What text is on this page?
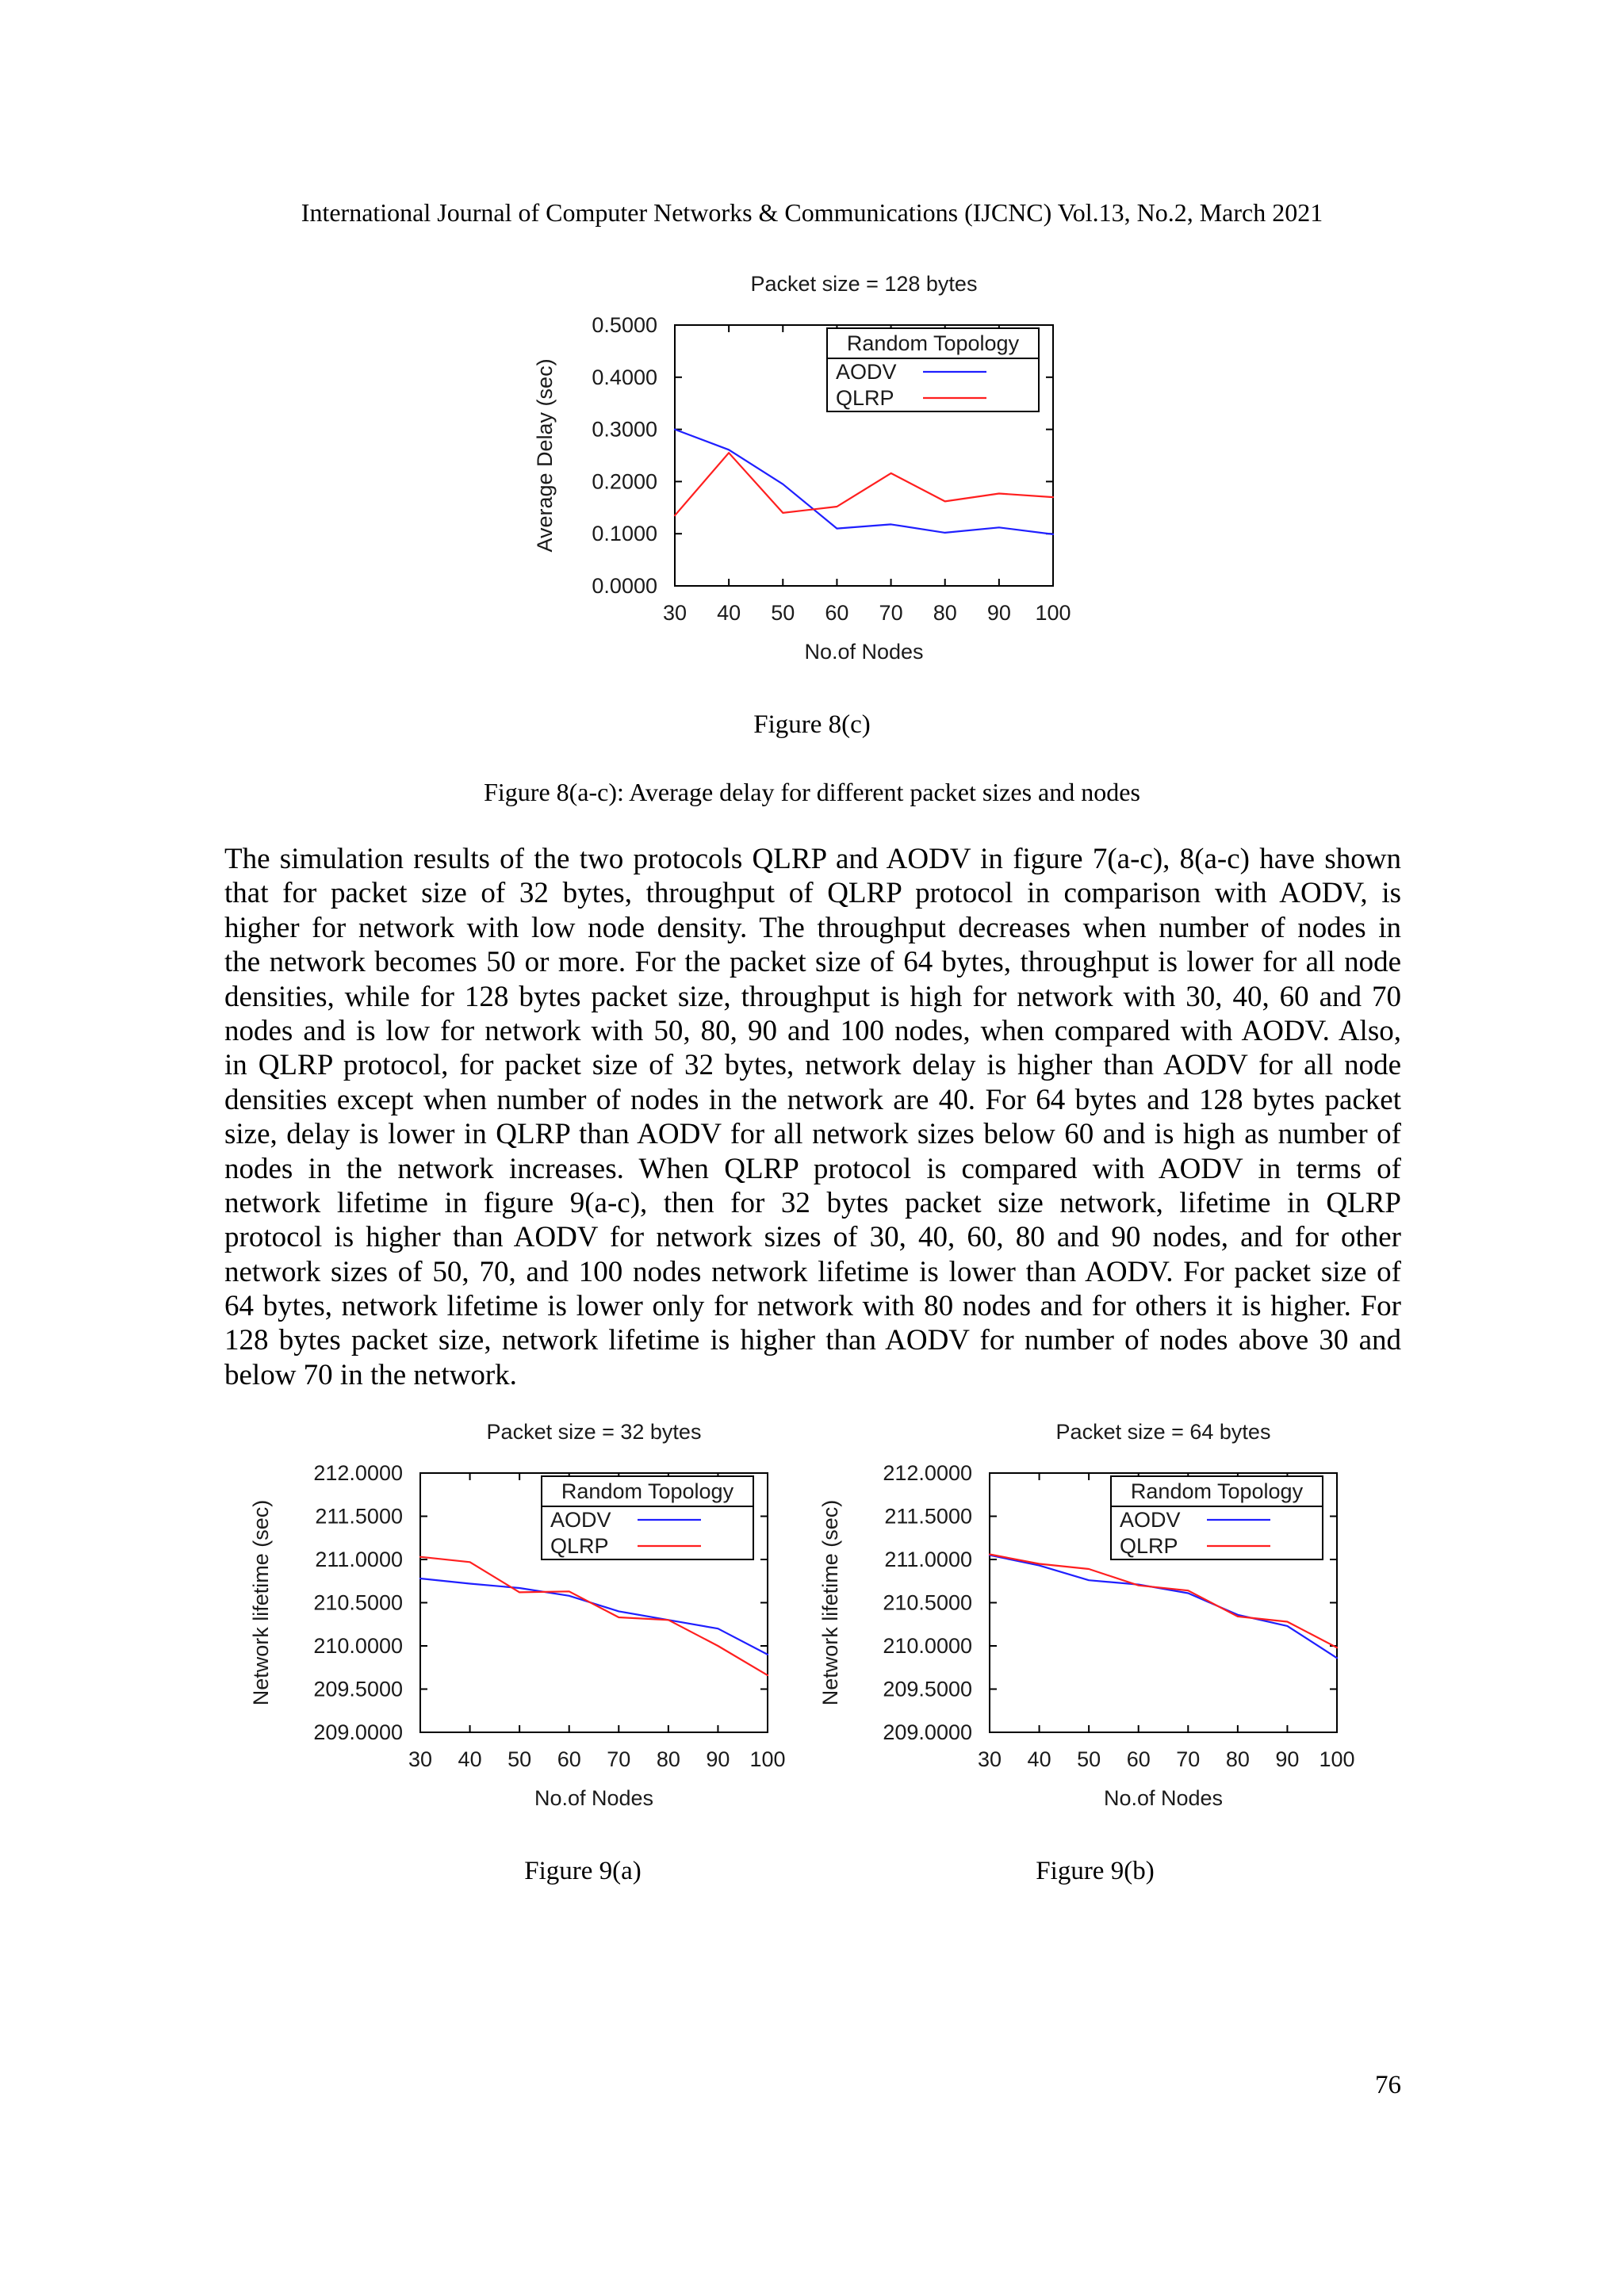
International Journal of Computer Networks & Communications (IJCNC) Vol.13, No.2, March 2021
Packet size = 128 bytes
0.0000
0.1000
0.2000
0.3000
0.4000
0.5000
30 40 50 60 70 80 90 100
No.of Nodes
Average Delay (sec)
Random Topology
AODV
QLRP
Figure 8(c)
Figure 8(a-c): Average delay for different packet sizes and nodes
The simulation results of the two protocols QLRP and AODV in figure 7(a-c), 8(a-c) have shown
that for packet size of 32 bytes, throughput of QLRP protocol in comparison with AODV, is
higher for network with low node density. The throughput decreases when number of nodes in
the network becomes 50 or more. For the packet size of 64 bytes, throughput is lower for all node
densities, while for 128 bytes packet size, throughput is high for network with 30, 40, 60 and 70
nodes and is low for network with 50, 80, 90 and 100 nodes, when compared with AODV. Also,
in QLRP protocol, for packet size of 32 bytes, network delay is higher than AODV for all node
densities except when number of nodes in the network are 40. For 64 bytes and 128 bytes packet
size, delay is lower in QLRP than AODV for all network sizes below 60 and is high as number of
nodes in the network increases. When QLRP protocol is compared with AODV in terms of
network lifetime in figure 9(a-c), then for 32 bytes packet size network, lifetime in QLRP
protocol is higher than AODV for network sizes of 30, 40, 60, 80 and 90 nodes, and for other
network sizes of 50, 70, and 100 nodes network lifetime is lower than AODV. For packet size of
64 bytes, network lifetime is lower only for network with 80 nodes and for others it is higher. For
128 bytes packet size, network lifetime is higher than AODV for number of nodes above 30 and
below 70 in the network.
Packet size = 32 bytes
209.0000
209.5000
210.0000
210.5000
211.0000
211.5000
212.0000
30 40 50 60 70 80 90 100
No.of Nodes
Network lifetime (sec)
Random Topology
AODV
QLRP
Packet size = 64 bytes
209.0000
209.5000
210.0000
210.5000
211.0000
211.5000
212.0000
30 40 50 60 70 80 90 100
No.of Nodes
Network lifetime (sec)
Random Topology
AODV
QLRP
Figure 9(a)	Figure 9(b)
76
